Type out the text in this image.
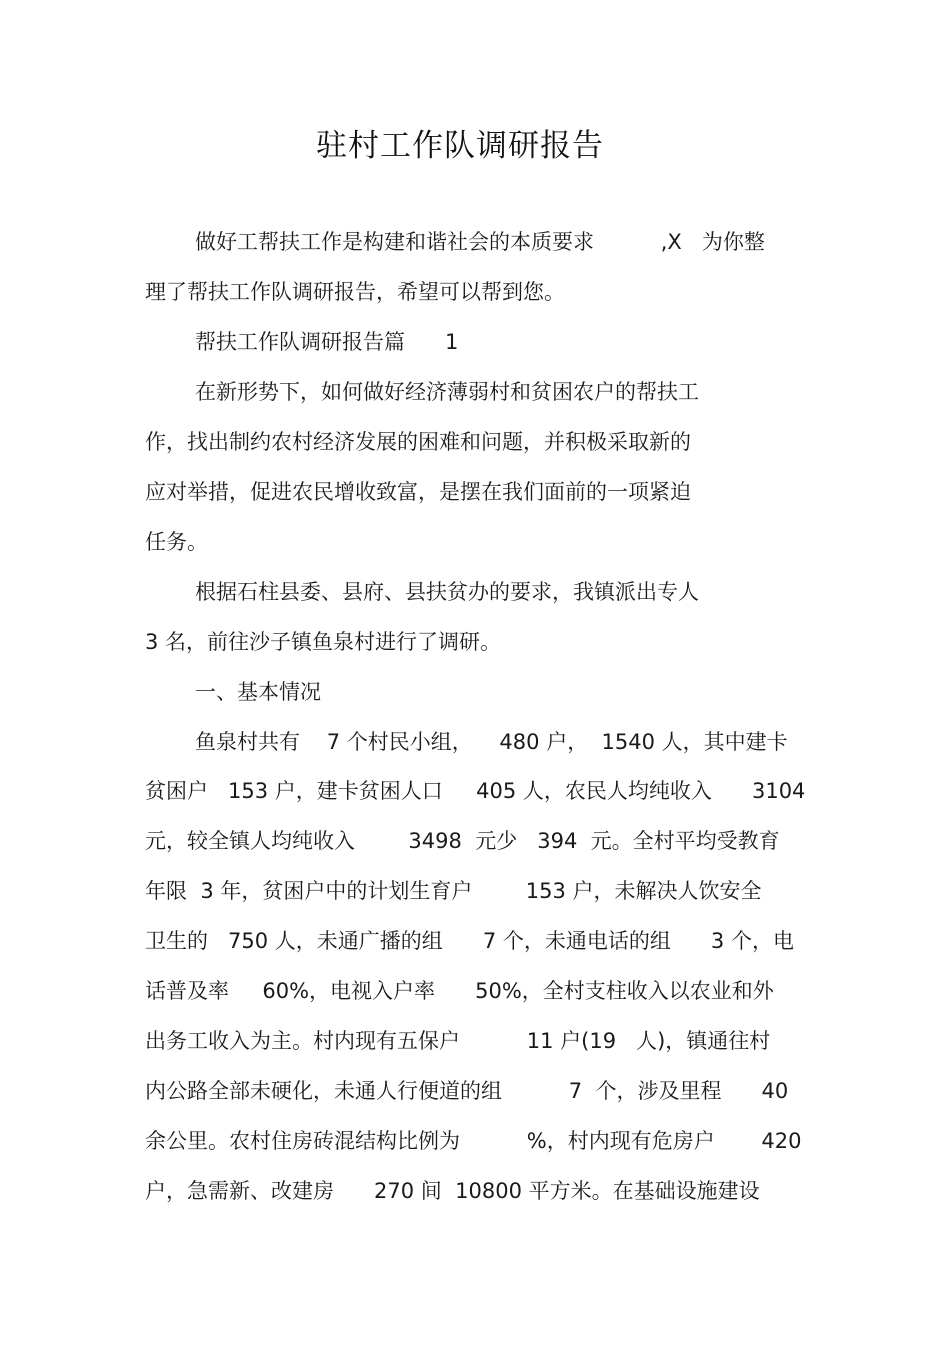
驻村工作队调研报告
做好工帮扶工作是构建和谐社会的本质要求          ,X   为你整
理了帮扶工作队调研报告，希望可以帮到您。
帮扶工作队调研报告篇      1
在新形势下，如何做好经济薄弱村和贫困农户的帮扶工
作，找出制约农村经济发展的困难和问题，并积极采取新的
应对举措，促进农民增收致富，是摆在我们面前的一项紧迫
任务。
根据石柱县委、县府、县扶贫办的要求，我镇派出专人
3 名，前往沙子镇鱼泉村进行了调研。
一、基本情况
鱼泉村共有    7 个村民小组，    480 户，  1540 人，其中建卡
贫困户   153 户，建卡贫困人口     405 人，农民人均纯收入      3104
元，较全镇人均纯收入        3498  元少   394  元。全村平均受教育
年限  3 年，贫困户中的计划生育户        153 户，未解决人饮安全
卫生的   750 人，未通广播的组      7 个，未通电话的组      3 个，电
话普及率     60%，电视入户率      50%，全村支柱收入以农业和外
出务工收入为主。村内现有五保户          11 户(19   人)，镇通往村
内公路全部未硬化，未通人行便道的组          7  个，涉及里程      40
余公里。农村住房砖混结构比例为          %，村内现有危房户       420
户，急需新、改建房      270 间  10800 平方米。在基础设施建设
